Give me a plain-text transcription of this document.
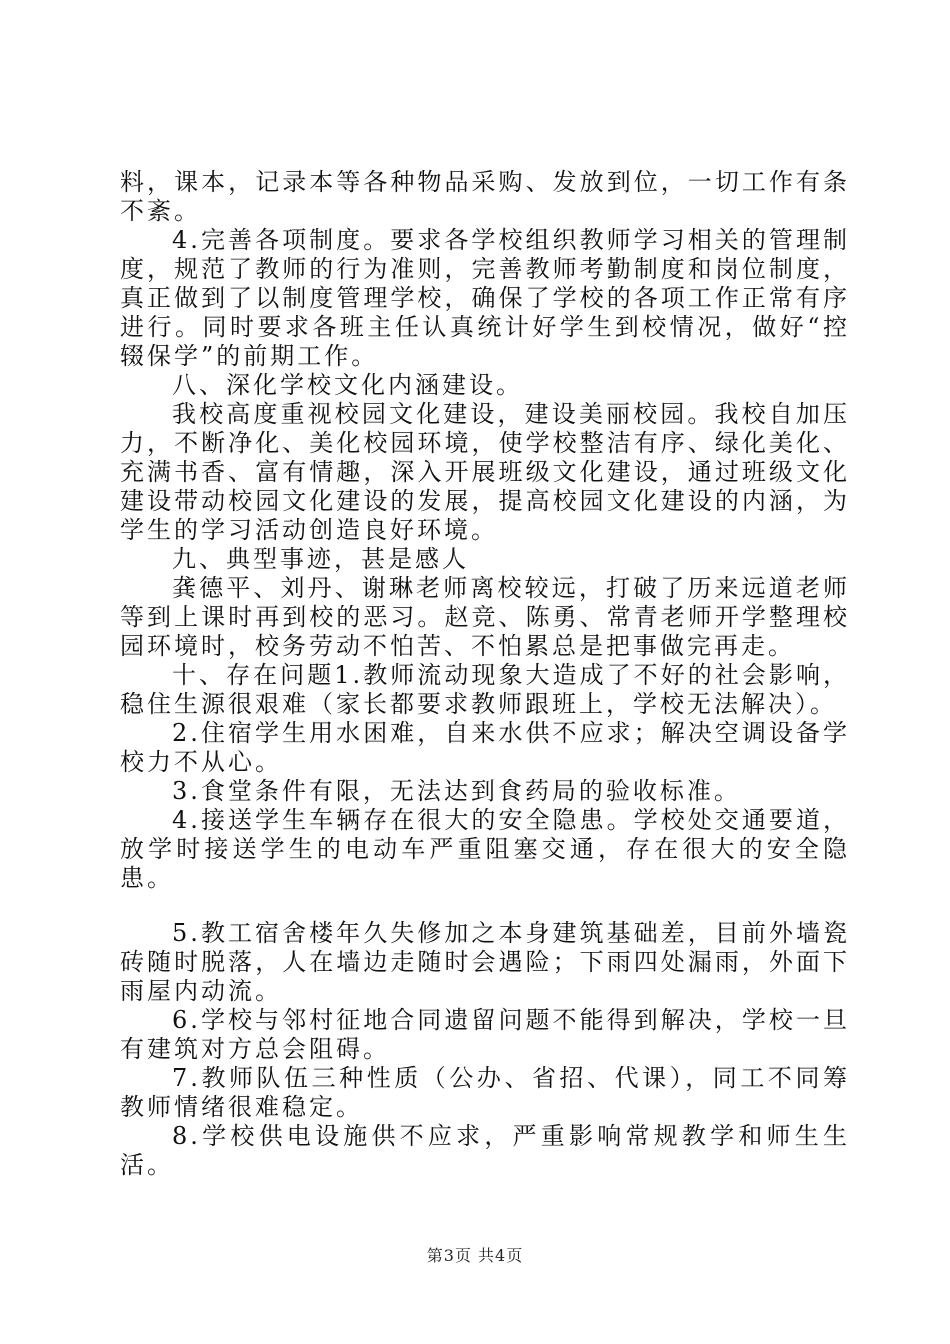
料，课本，记录本等各种物品采购、发放到位，一切工作有条不紊。

4.完善各项制度。要求各学校组织教师学习相关的管理制度，规范了教师的行为准则，完善教师考勤制度和岗位制度，真正做到了以制度管理学校，确保了学校的各项工作正常有序进行。同时要求各班主任认真统计好学生到校情况，做好“控辍保学”的前期工作。

八、深化学校文化内涵建设。

我校高度重视校园文化建设，建设美丽校园。我校自加压力，不断净化、美化校园环境，使学校整洁有序、绿化美化、充满书香、富有情趣，深入开展班级文化建设，通过班级文化建设带动校园文化建设的发展，提高校园文化建设的内涵，为学生的学习活动创造良好环境。

九、典型事迹，甚是感人

龚德平、刘丹、谢琳老师离校较远，打破了历来远道老师等到上课时再到校的恶习。赵竞、陈勇、常青老师开学整理校园环境时，校务劳动不怕苦、不怕累总是把事做完再走。

十、存在问题1.教师流动现象大造成了不好的社会影响，稳住生源很艰难（家长都要求教师跟班上，学校无法解决）。

2.住宿学生用水困难，自来水供不应求；解决空调设备学校力不从心。

3.食堂条件有限，无法达到食药局的验收标准。

4.接送学生车辆存在很大的安全隐患。学校处交通要道，放学时接送学生的电动车严重阻塞交通，存在很大的安全隐患。

5.教工宿舍楼年久失修加之本身建筑基础差，目前外墙瓷砖随时脱落，人在墙边走随时会遇险；下雨四处漏雨，外面下雨屋内动流。

6.学校与邻村征地合同遗留问题不能得到解决，学校一旦有建筑对方总会阻碍。

7.教师队伍三种性质（公办、省招、代课），同工不同筹教师情绪很难稳定。

8.学校供电设施供不应求，严重影响常规教学和师生生活。

第3页 共4页
